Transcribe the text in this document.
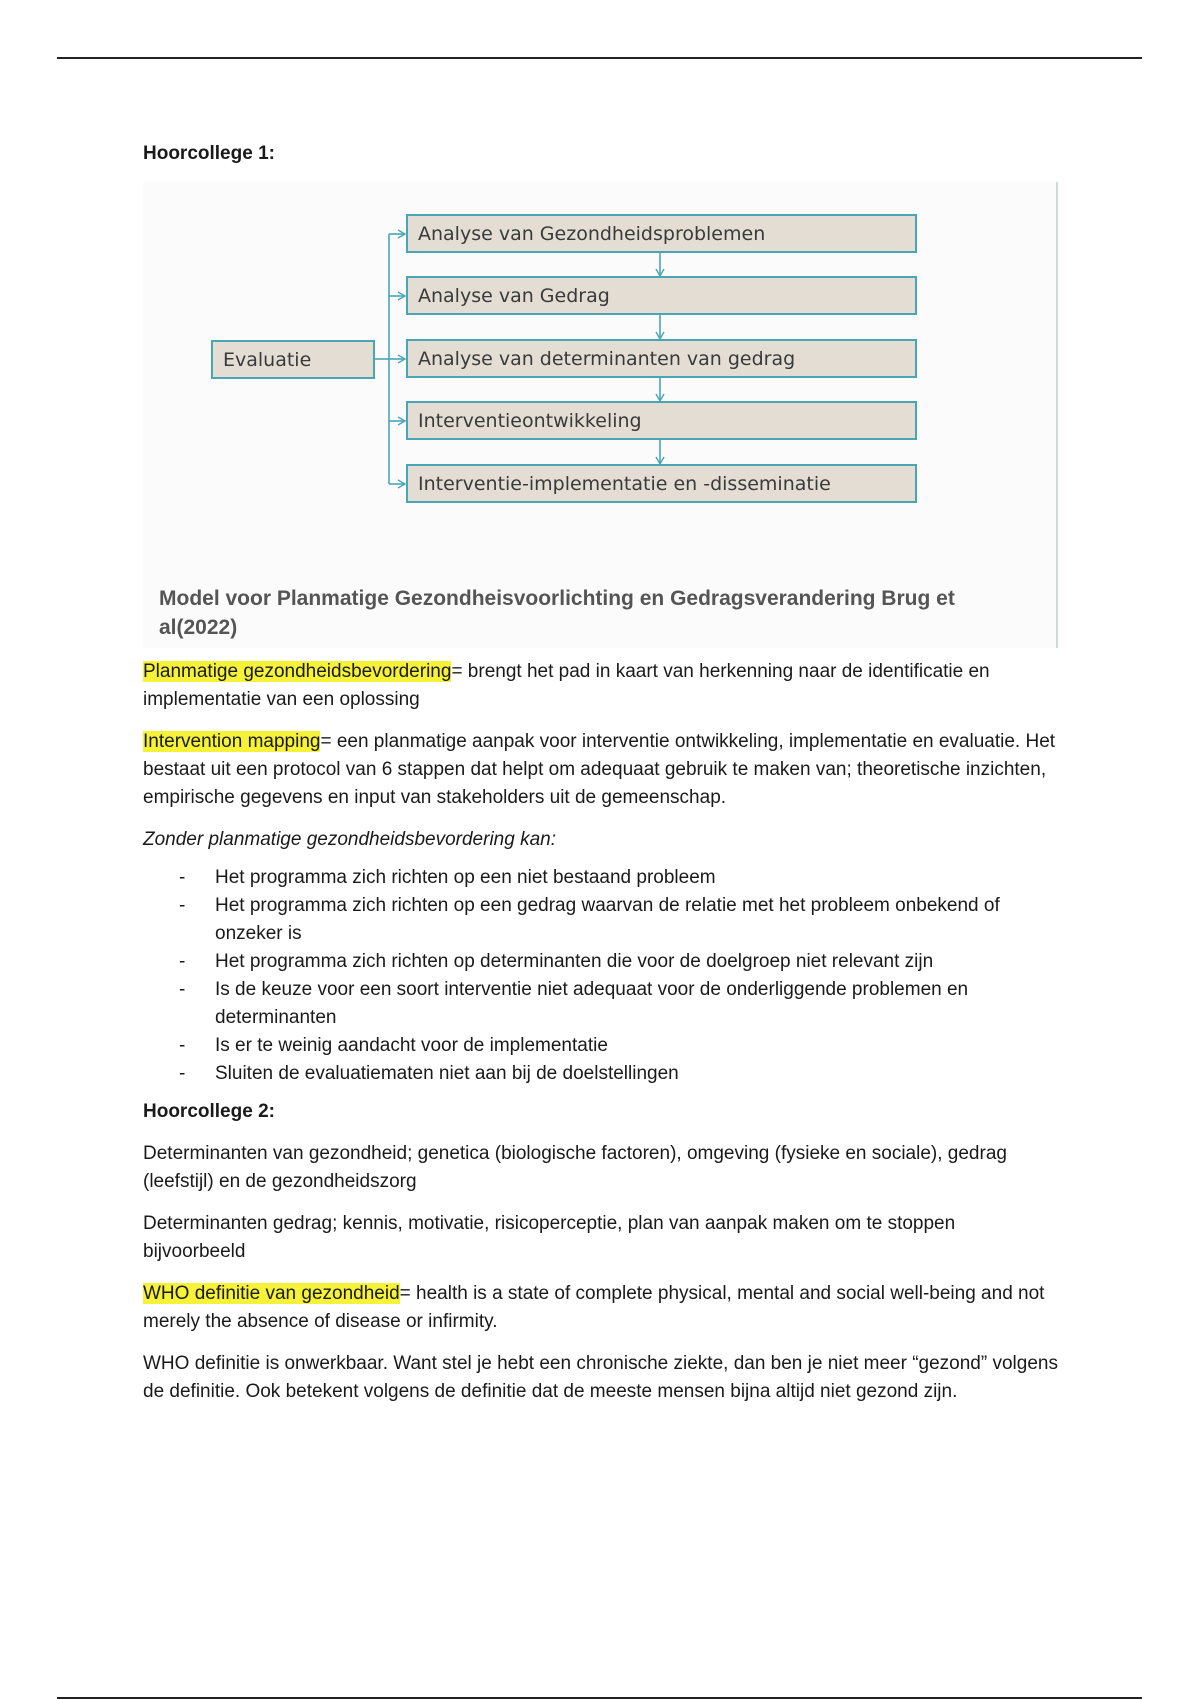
Hoorcollege 1:

Evaluatie
Analyse van Gezondheidsproblemen
Analyse van Gedrag
Analyse van determinanten van gedrag
Interventieontwikkeling
Interventie-implementatie en -disseminatie
Model voor Planmatige Gezondheisvoorlichting en Gedragsverandering Brug et al(2022)

Planmatige gezondheidsbevordering= brengt het pad in kaart van herkenning naar de identificatie en implementatie van een oplossing

Intervention mapping= een planmatige aanpak voor interventie ontwikkeling, implementatie en evaluatie. Het bestaat uit een protocol van 6 stappen dat helpt om adequaat gebruik te maken van; theoretische inzichten, empirische gegevens en input van stakeholders uit de gemeenschap.

Zonder planmatige gezondheidsbevordering kan:

- Het programma zich richten op een niet bestaand probleem
- Het programma zich richten op een gedrag waarvan de relatie met het probleem onbekend of onzeker is
- Het programma zich richten op determinanten die voor de doelgroep niet relevant zijn
- Is de keuze voor een soort interventie niet adequaat voor de onderliggende problemen en determinanten
- Is er te weinig aandacht voor de implementatie
- Sluiten de evaluatiematen niet aan bij de doelstellingen

Hoorcollege 2:

Determinanten van gezondheid; genetica (biologische factoren), omgeving (fysieke en sociale), gedrag (leefstijl) en de gezondheidszorg

Determinanten gedrag; kennis, motivatie, risicoperceptie, plan van aanpak maken om te stoppen bijvoorbeeld

WHO definitie van gezondheid= health is a state of complete physical, mental and social well-being and not merely the absence of disease or infirmity.

WHO definitie is onwerkbaar. Want stel je hebt een chronische ziekte, dan ben je niet meer “gezond” volgens de definitie. Ook betekent volgens de definitie dat de meeste mensen bijna altijd niet gezond zijn.
